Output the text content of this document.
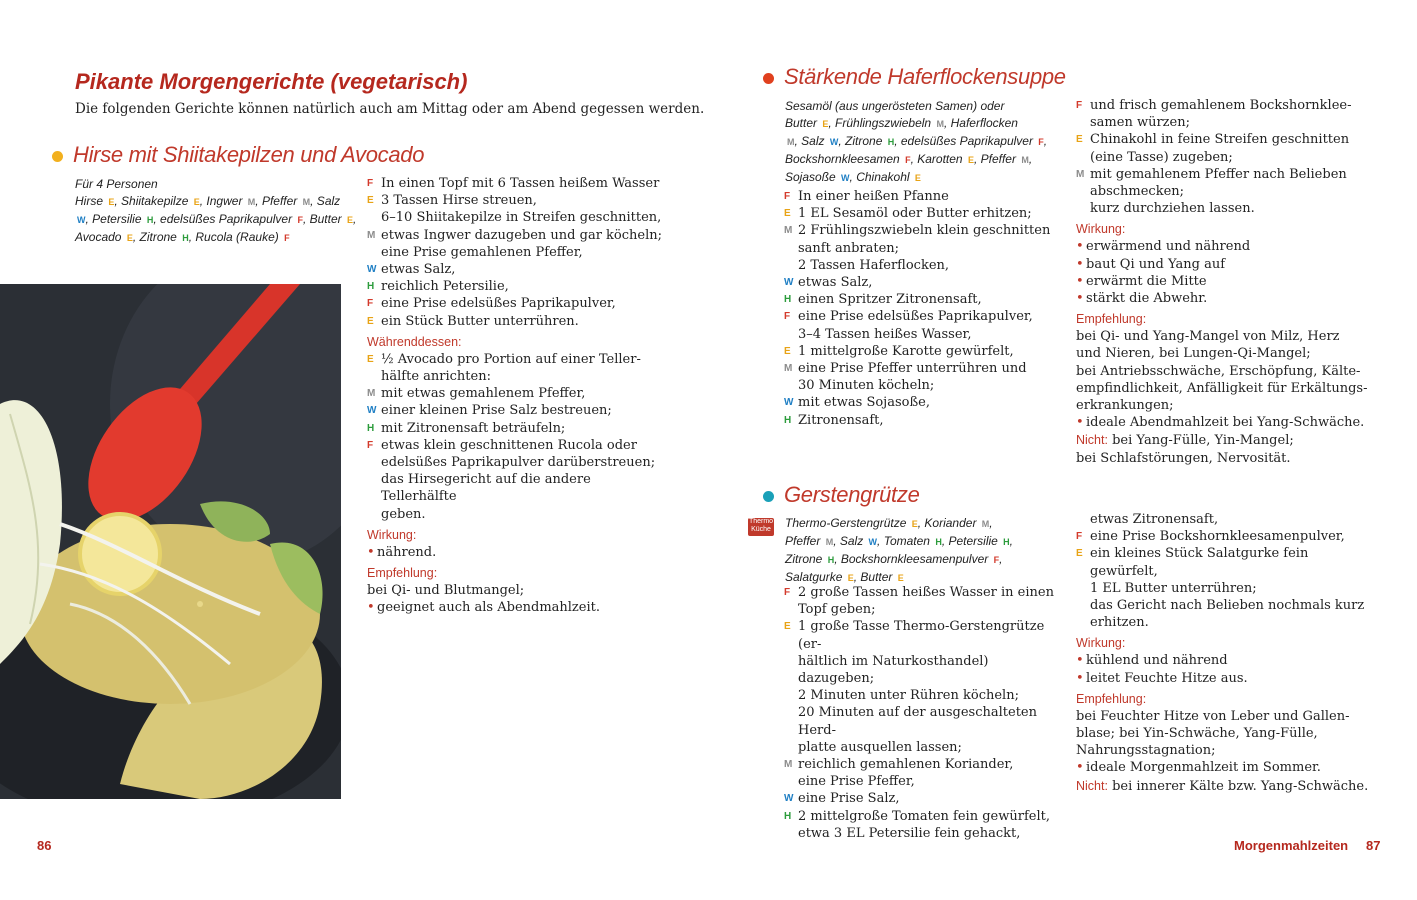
Pikante Morgengerichte (vegetarisch)
Die folgenden Gerichte können natürlich auch am Mittag oder am Abend gegessen werden.
Hirse mit Shiitakepilzen und Avocado
Für 4 Personen
Hirse E, Shiitakepilze E, Ingwer M, Pfeffer M, Salz
W, Petersilie H, edelsüßes Paprikapulver F, Butter E,
Avocado E, Zitrone H, Rucola (Rauke) F
F In einen Topf mit 6 Tassen heißem Wasser
E 3 Tassen Hirse streuen,
6–10 Shiitakepilze in Streifen geschnitten,
M etwas Ingwer dazugeben und gar köcheln;
eine Prise gemahlenen Pfeffer,
W etwas Salz,
H reichlich Petersilie,
F eine Prise edelsüßes Paprikapulver,
E ein Stück Butter unterrühren.
Währenddessen:
E ½ Avocado pro Portion auf einer Teller-
hälfte anrichten:
M mit etwas gemahlenem Pfeffer,
W einer kleinen Prise Salz bestreuen;
H mit Zitronensaft beträufeln;
F etwas klein geschnittenen Rucola oder
edelsüßes Paprikapulver darüberstreuen;
das Hirsegericht auf die andere Tellerhälfte
geben.
Wirkung:
• nährend.
Empfehlung:
bei Qi- und Blutmangel;
• geeignet auch als Abendmahlzeit.
86
Stärkende Haferflockensuppe
Sesamöl (aus ungerösteten Samen) oder
Butter E, Frühlingszwiebeln M, Haferflocken
M, Salz W, Zitrone H, edelsüßes Paprikapulver F,
Bockshornkleesamen F, Karotten E, Pfeffer M,
Sojasoße W, Chinakohl E
F In einer heißen Pfanne
E 1 EL Sesamöl oder Butter erhitzen;
M 2 Frühlingszwiebeln klein geschnitten
sanft anbraten;
2 Tassen Haferflocken,
W etwas Salz,
H einen Spritzer Zitronensaft,
F eine Prise edelsüßes Paprikapulver,
3–4 Tassen heißes Wasser,
E 1 mittelgroße Karotte gewürfelt,
M eine Prise Pfeffer unterrühren und
30 Minuten köcheln;
W mit etwas Sojasoße,
H Zitronensaft,
F und frisch gemahlenem Bockshornklee-
samen würzen;
E Chinakohl in feine Streifen geschnitten
(eine Tasse) zugeben;
M mit gemahlenem Pfeffer nach Belieben
abschmecken;
kurz durchziehen lassen.
Wirkung:
• erwärmend und nährend
• baut Qi und Yang auf
• erwärmt die Mitte
• stärkt die Abwehr.
Empfehlung:
bei Qi- und Yang-Mangel von Milz, Herz
und Nieren, bei Lungen-Qi-Mangel;
bei Antriebsschwäche, Erschöpfung, Kälte-
empfindlichkeit, Anfälligkeit für Erkältungs-
erkrankungen;
• ideale Abendmahlzeit bei Yang-Schwäche.
Nicht: bei Yang-Fülle, Yin-Mangel;
bei Schlafstörungen, Nervosität.
Gerstengrütze
Thermo Küche Thermo-Gerstengrütze E, Koriander M,
Pfeffer M, Salz W, Tomaten H, Petersilie H,
Zitrone H, Bockshornkleesamenpulver F,
Salatgurke E, Butter E
F 2 große Tassen heißes Wasser in einen
Topf geben;
E 1 große Tasse Thermo-Gerstengrütze (er-
hältlich im Naturkosthandel) dazugeben;
2 Minuten unter Rühren köcheln;
20 Minuten auf der ausgeschalteten Herd-
platte ausquellen lassen;
M reichlich gemahlenen Koriander,
eine Prise Pfeffer,
W eine Prise Salz,
H 2 mittelgroße Tomaten fein gewürfelt,
etwa 3 EL Petersilie fein gehackt,
etwas Zitronensaft,
F eine Prise Bockshornkleesamenpulver,
E ein kleines Stück Salatgurke fein gewürfelt,
1 EL Butter unterrühren;
das Gericht nach Belieben nochmals kurz
erhitzen.
Wirkung:
• kühlend und nährend
• leitet Feuchte Hitze aus.
Empfehlung:
bei Feuchter Hitze von Leber und Gallen-
blase; bei Yin-Schwäche, Yang-Fülle,
Nahrungsstagnation;
• ideale Morgenmahlzeit im Sommer.
Nicht: bei innerer Kälte bzw. Yang-Schwäche.
Morgenmahlzeiten 87
